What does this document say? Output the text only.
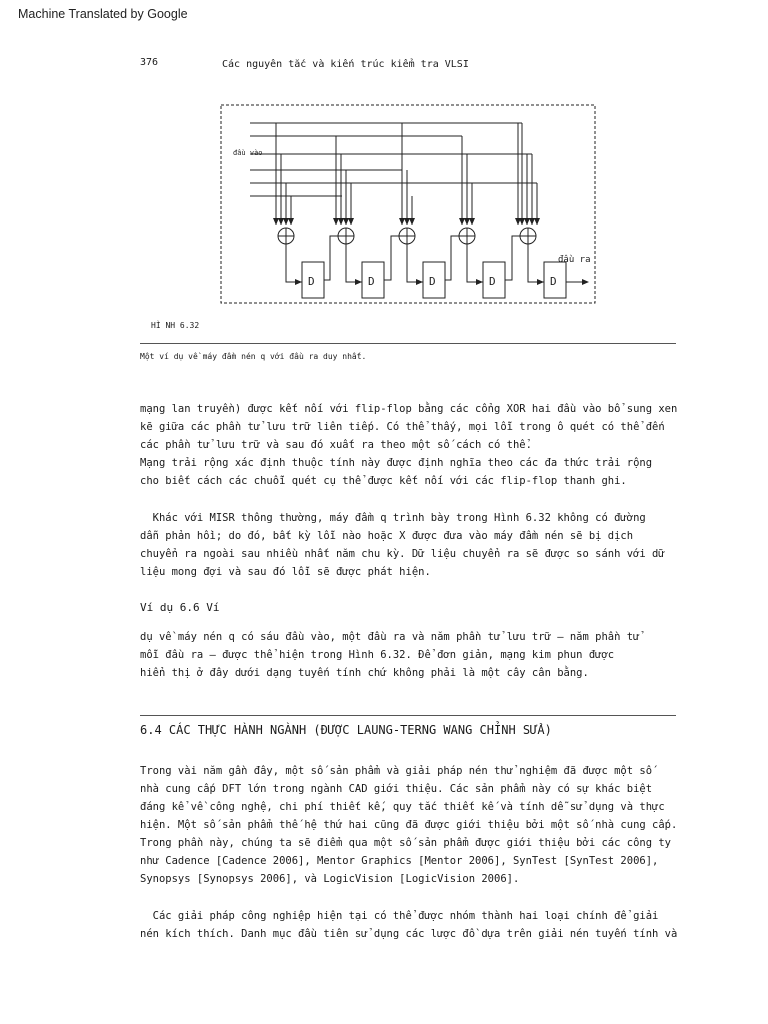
Machine Translated by Google
376	Các nguyên tắc và kiến trúc kiểm tra VLSI
đầu vào
đầu ra
D	D	D	D	D
HÌ NH 6.32
Một ví dụ về máy đầm nén q với đầu ra duy nhất.
mạng lan truyền) được kết nối với flip-flop bằng các cổng XOR hai đầu vào bổ sung xen
kẽ giữa các phần tử lưu trữ liên tiếp. Có thể thấy, mọi lỗi trong ô quét có thể đến
các phần tử lưu trữ và sau đó xuất ra theo một số cách có thể.
Mạng trải rộng xác định thuộc tính này được định nghĩa theo các đa thức trải rộng
cho biết cách các chuỗi quét cụ thể được kết nối với các flip-flop thanh ghi.
Khác với MISR thông thường, máy đầm q trình bày trong Hình 6.32 không có đường
dẫn phản hồi; do đó, bất kỳ lỗi nào hoặc X được đưa vào máy đầm nén sẽ bị dịch
chuyển ra ngoài sau nhiều nhất năm chu kỳ. Dữ liệu chuyển ra sẽ được so sánh với dữ
liệu mong đợi và sau đó lỗi sẽ được phát hiện.
Ví dụ 6.6 Ví
dụ về máy nén q có sáu đầu vào, một đầu ra và năm phần tử lưu trữ — năm phần tử
mỗi đầu ra — được thể hiện trong Hình 6.32. Để đơn giản, mạng kim phun được
hiển thị ở đây dưới dạng tuyến tính chứ không phải là một cây cân bằng.
6.4 CÁC THỰC HÀNH NGÀNH (ĐƯỢC LAUNG-TERNG WANG CHỈNH SỬA)
Trong vài năm gần đây, một số sản phẩm và giải pháp nén thử nghiệm đã được một số
nhà cung cấp DFT lớn trong ngành CAD giới thiệu. Các sản phẩm này có sự khác biệt
đáng kể về công nghệ, chi phí thiết kế, quy tắc thiết kế và tính dễ sử dụng và thực
hiện. Một số sản phẩm thế hệ thứ hai cũng đã được giới thiệu bởi một số nhà cung cấp.
Trong phần này, chúng ta sẽ điểm qua một số sản phẩm được giới thiệu bởi các công ty
như Cadence [Cadence 2006], Mentor Graphics [Mentor 2006], SynTest [SynTest 2006],
Synopsys [Synopsys 2006], và LogicVision [LogicVision 2006].
Các giải pháp công nghiệp hiện tại có thể được nhóm thành hai loại chính để giải
nén kích thích. Danh mục đầu tiên sử dụng các lược đồ dựa trên giải nén tuyến tính và
